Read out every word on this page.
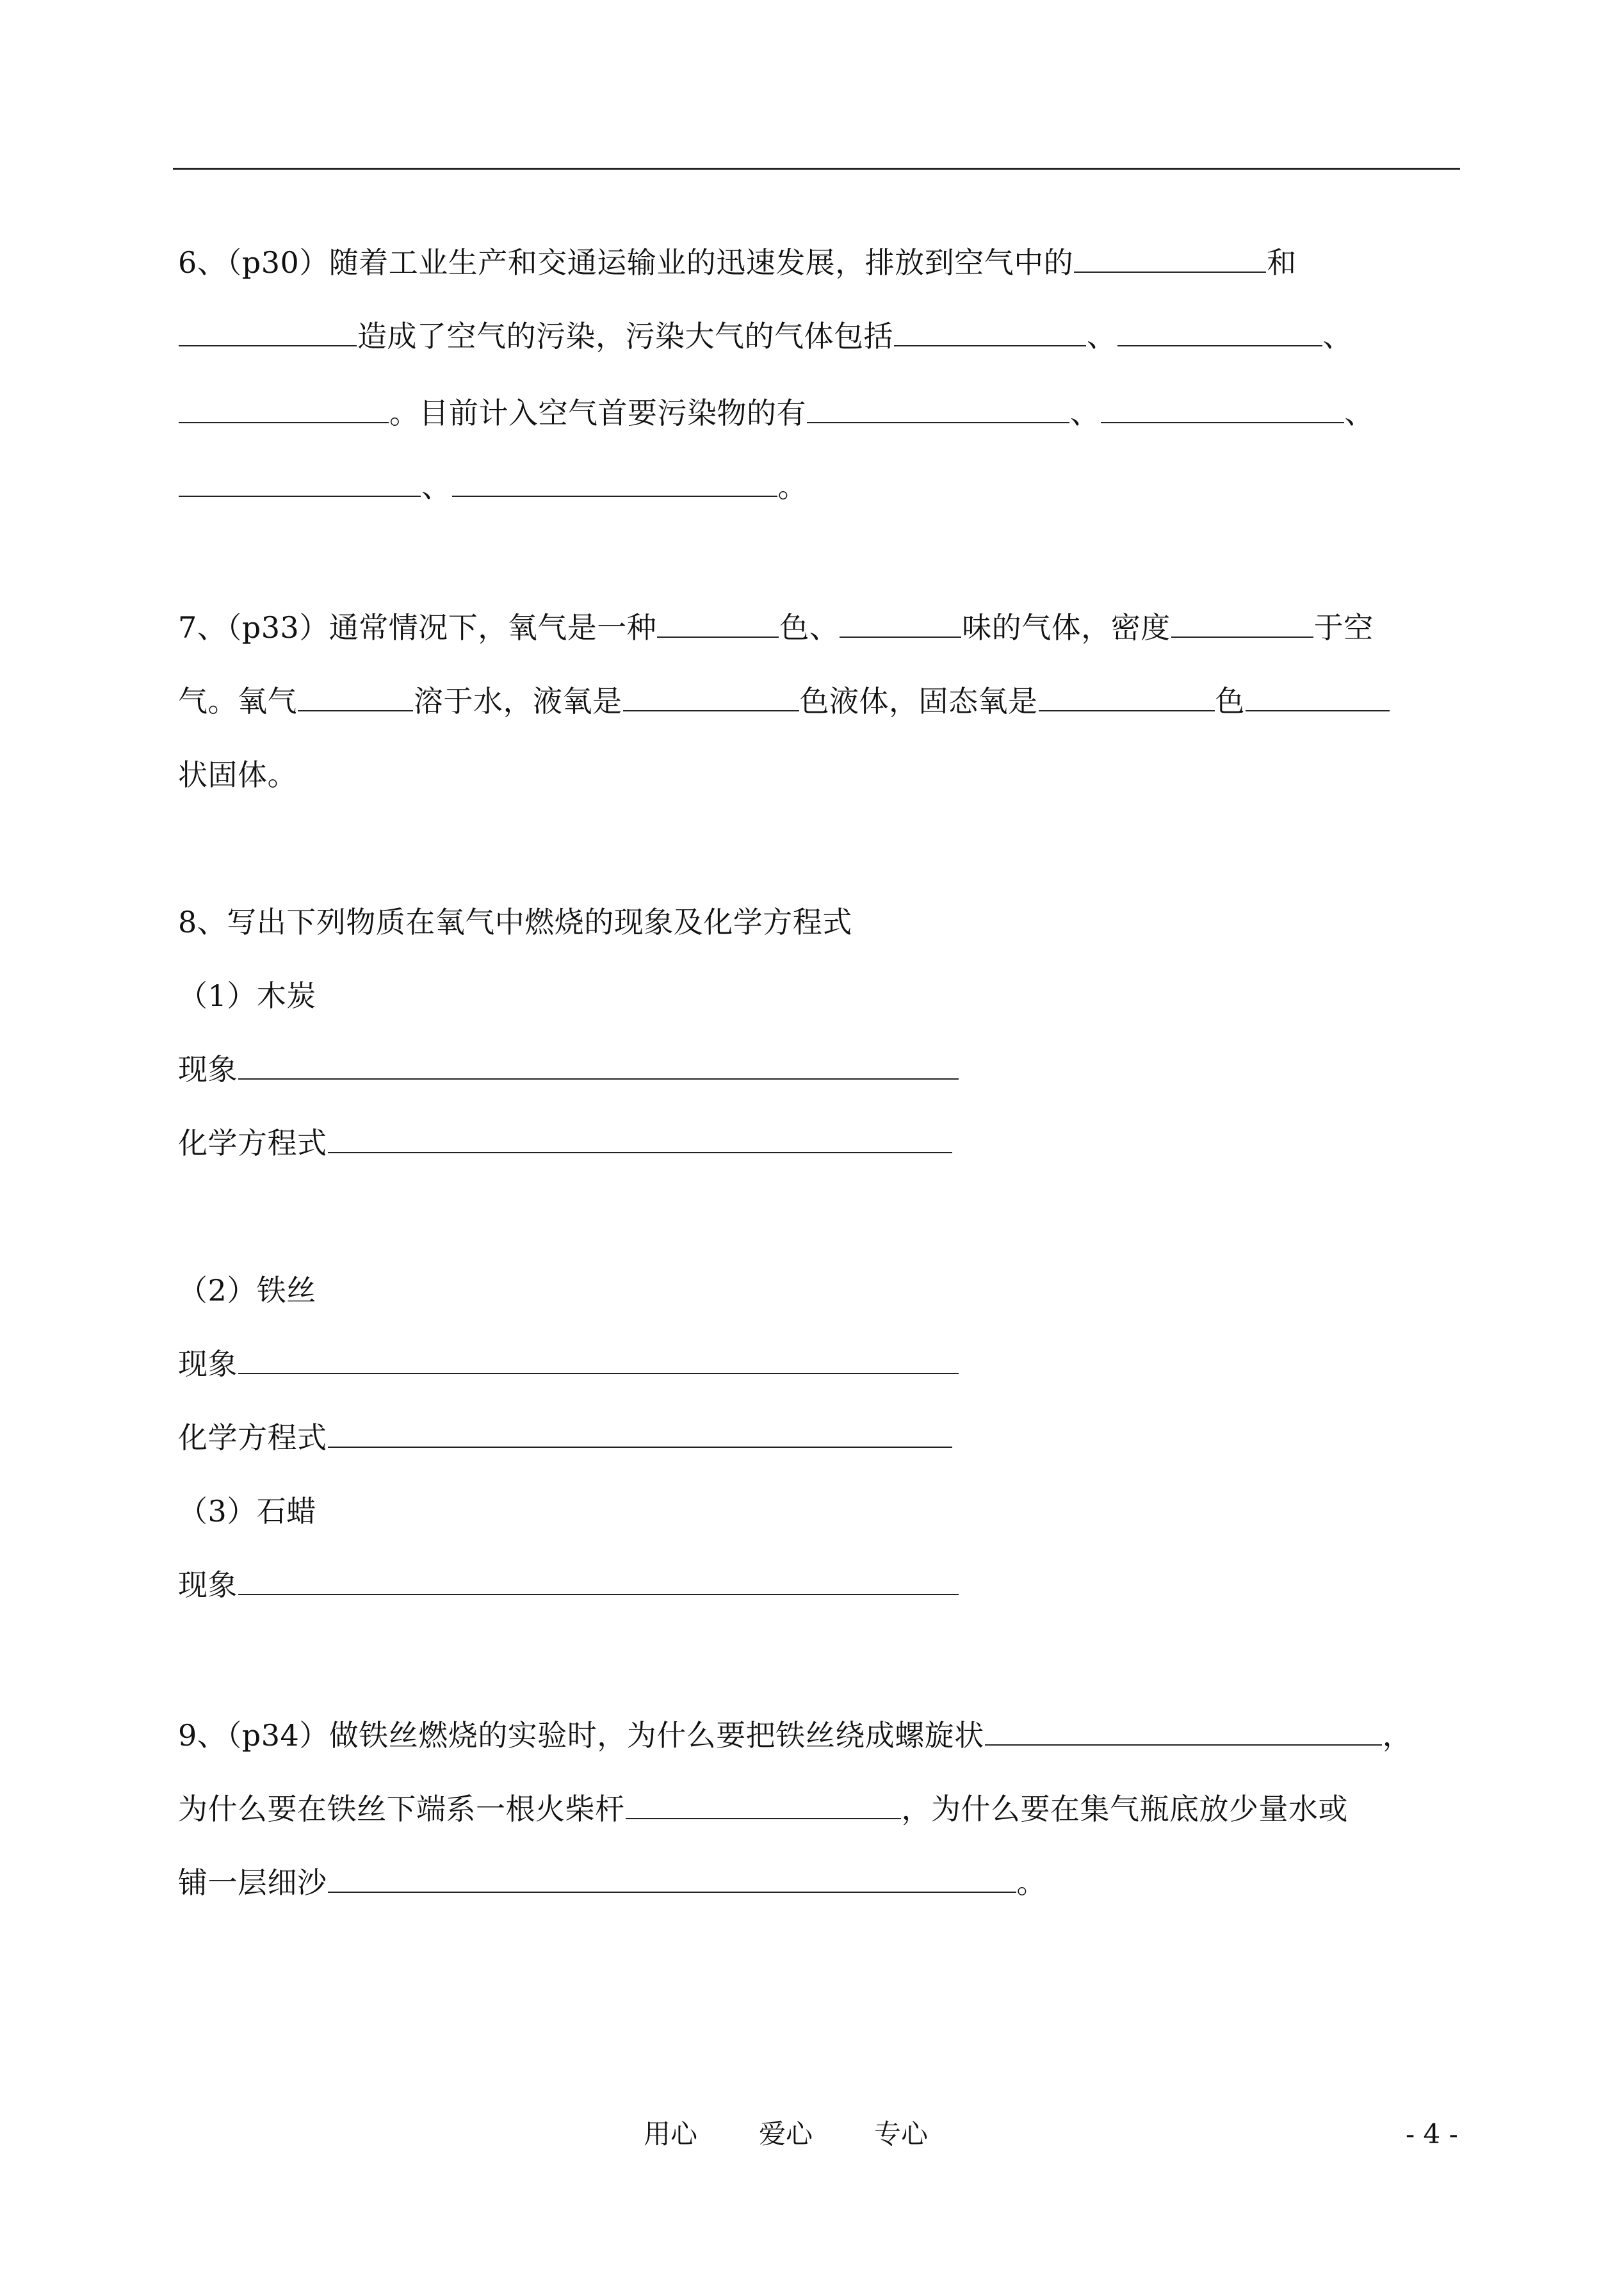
6、（p30）随着工业生产和交通运输业的迅速发展，排放到空气中的	和
造成了空气的污染，污染大气的气体包括	、	、
。目前计入空气首要污染物的有	、	、
、	。
7、（p33）通常情况下，氧气是一种	色、	味的气体，密度	于空
气。氧气	溶于水，液氧是	色液体，固态氧是	色
状固体。
8、写出下列物质在氧气中燃烧的现象及化学方程式
（1）木炭
现象
化学方程式
（2）铁丝
现象
化学方程式
（3）石蜡
现象
9、（p34）做铁丝燃烧的实验时，为什么要把铁丝绕成螺旋状	，
为什么要在铁丝下端系一根火柴杆	，为什么要在集气瓶底放少量水或
铺一层细沙	。
用心 爱心 专心	- 4 -
